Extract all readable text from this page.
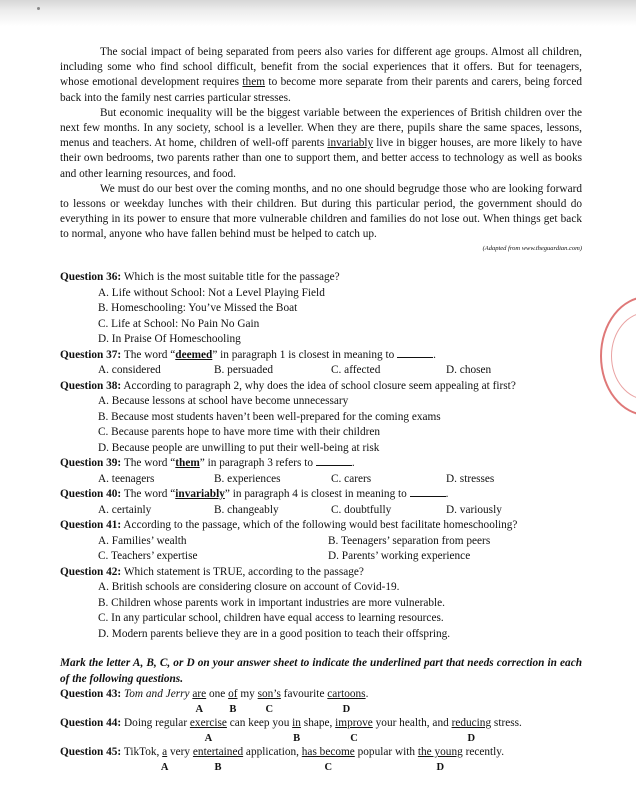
The social impact of being separated from peers also varies for different age groups. Almost all children, including some who find school difficult, benefit from the social experiences that it offers. But for teenagers, whose emotional development requires them to become more separate from their parents and carers, being forced back into the family nest carries particular stresses.

But economic inequality will be the biggest variable between the experiences of British children over the next few months. In any society, school is a leveller. When they are there, pupils share the same spaces, lessons, menus and teachers. At home, children of well-off parents invariably live in bigger houses, are more likely to have their own bedrooms, two parents rather than one to support them, and better access to technology as well as books and other learning resources, and food.

We must do our best over the coming months, and no one should begrudge those who are looking forward to lessons or weekday lunches with their children. But during this particular period, the government should do everything in its power to ensure that more vulnerable children and families do not lose out. When things get back to normal, anyone who have fallen behind must be helped to catch up.

(Adapted from www.theguardian.com)
Question 36: Which is the most suitable title for the passage?
A. Life without School: Not a Level Playing Field
B. Homeschooling: You’ve Missed the Boat
C. Life at School: No Pain No Gain
D. In Praise Of Homeschooling
Question 37: The word “deemed” in paragraph 1 is closest in meaning to	.
A. considered	B. persuaded	C. affected	D. chosen
Question 38: According to paragraph 2, why does the idea of school closure seem appealing at first?
A. Because lessons at school have become unnecessary
B. Because most students haven’t been well-prepared for the coming exams
C. Because parents hope to have more time with their children
D. Because people are unwilling to put their well-being at risk
Question 39: The word “them” in paragraph 3 refers to	.
A. teenagers	B. experiences	C. carers	D. stresses
Question 40: The word “invariably” in paragraph 4 is closest in meaning to	.
A. certainly	B. changeably	C. doubtfully	D. variously
Question 41: According to the passage, which of the following would best facilitate homeschooling?
A. Families’ wealth	B. Teenagers’ separation from peers
C. Teachers’ expertise	D. Parents’ working experience
Question 42: Which statement is TRUE, according to the passage?
A. British schools are considering closure on account of Covid-19.
B. Children whose parents work in important industries are more vulnerable.
C. In any particular school, children have equal access to learning resources.
D. Modern parents believe they are in a good position to teach their offspring.
Mark the letter A, B, C, or D on your answer sheet to indicate the underlined part that needs correction in each of the following questions.
Question 43: Tom and Jerry are one of my son’s favourite cartoons.
A	B	C	D
Question 44: Doing regular exercise can keep you in shape, improve your health, and reducing stress.
A	B	C	D
Question 45: TikTok, a very entertained application, has become popular with the young recently.
A	B	C	D
